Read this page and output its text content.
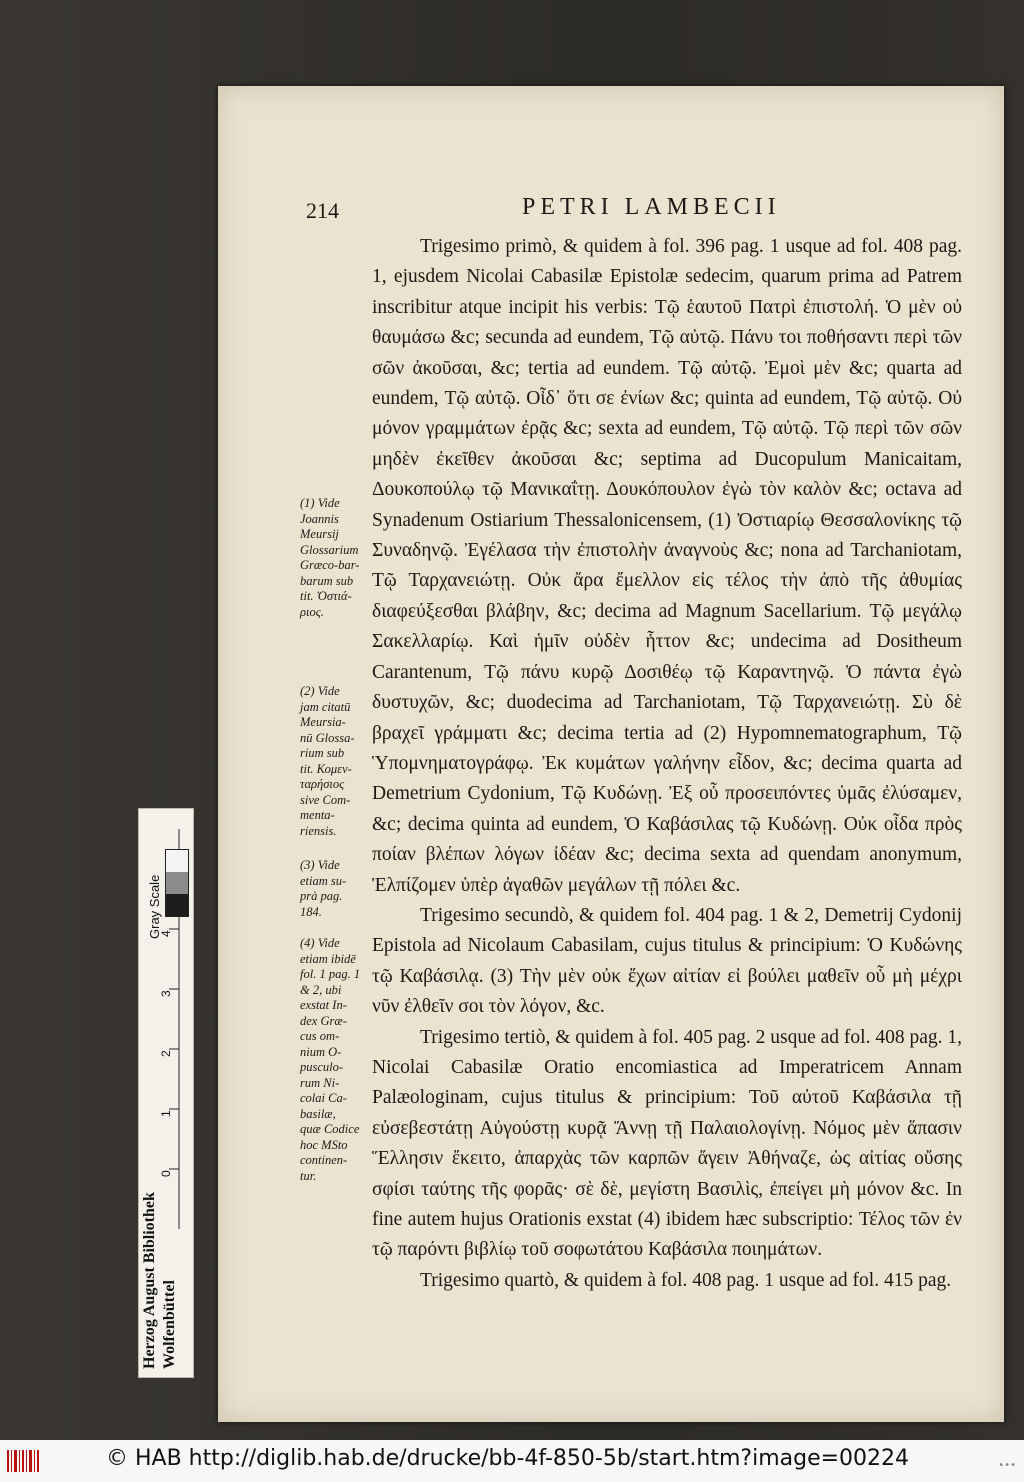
214	PETRI LAMBECII

Trigesimo primò, & quidem à fol. 396 pag. 1 usque ad fol. 408 pag. 1, ejusdem Nicolai Cabasilæ Epistolæ sedecim, quarum prima ad Patrem inscribitur atque incipit his verbis: Τῷ ἑαυτοῦ Πατρὶ ἐπιστολή. Ὁ μὲν οὐ θαυμάσω &c; secunda ad eundem, Τῷ αὐτῷ. Πάνυ τοι ποθήσαντι περὶ τῶν σῶν ἀκοῦσαι, &c; tertia ad eundem. Τῷ αὐτῷ. Ἐμοὶ μὲν &c; quarta ad eundem, Τῷ αὐτῷ. Οἶδ᾽ ὅτι σε ἐνίων &c; quinta ad eundem, Τῷ αὐτῷ. Οὐ μόνον γραμμάτων ἐρᾷς &c; sexta ad eundem, Τῷ αὐτῷ. Τῷ περὶ τῶν σῶν μηδὲν ἐκεῖθεν ἀκοῦσαι &c; septima ad Ducopulum Manicaitam, Δουκοπούλῳ τῷ Μανικαΐτῃ. Δουκόπουλον ἐγὼ τὸν καλὸν &c; octava ad Synadenum Ostiarium Thessalonicensem, (1) Ὀστιαρίῳ Θεσσαλονίκης τῷ Συναδηνῷ. Ἐγέλασα τὴν ἐπιστολὴν ἀναγνοὺς &c; nona ad Tarchaniotam, Τῷ Ταρχανειώτῃ. Οὐκ ἄρα ἔμελλον εἰς τέλος τὴν ἀπὸ τῆς ἀθυμίας διαφεύξεσθαι βλάβην, &c; decima ad Magnum Sacellarium. Τῷ μεγάλῳ Σακελλαρίῳ. Καὶ ἡμῖν οὐδὲν ἧττον &c; undecima ad Dositheum Carantenum, Τῷ πάνυ κυρῷ Δοσιθέῳ τῷ Καραντηνῷ. Ὁ πάντα ἐγὼ δυστυχῶν, &c; duodecima ad Tarchaniotam, Τῷ Ταρχανειώτῃ. Σὺ δὲ βραχεῖ γράμματι &c; decima tertia ad (2) Hypomnematographum, Τῷ Ὑπομνηματογράφῳ. Ἐκ κυμάτων γαλήνην εἶδον, &c; decima quarta ad Demetrium Cydonium, Τῷ Κυδώνῃ. Ἐξ οὗ προσειπόντες ὑμᾶς ἐλύσαμεν, &c; decima quinta ad eundem, Ὁ Καβάσιλας τῷ Κυδώνῃ. Οὐκ οἶδα πρὸς ποίαν βλέπων λόγων ἰδέαν &c; decima sexta ad quendam anonymum, Ἐλπίζομεν ὑπὲρ ἀγαθῶν μεγάλων τῇ πόλει &c.

Trigesimo secundò, & quidem fol. 404 pag. 1 & 2, Demetrij Cydonij Epistola ad Nicolaum Cabasilam, cujus titulus & principium: Ὁ Κυδώνης τῷ Καβάσιλᾳ. (3) Τὴν μὲν οὐκ ἔχων αἰτίαν εἰ βούλει μαθεῖν οὗ μὴ μέχρι νῦν ἐλθεῖν σοι τὸν λόγον, &c.

Trigesimo tertiò, & quidem à fol. 405 pag. 2 usque ad fol. 408 pag. 1, Nicolai Cabasilæ Oratio encomiastica ad Imperatricem Annam Palæologinam, cujus titulus & principium: Τοῦ αὐτοῦ Καβάσιλα τῇ εὐσεβεστάτῃ Αὐγούστῃ κυρᾷ Ἄννῃ τῇ Παλαιολογίνῃ. Νόμος μὲν ἅπασιν Ἕλλησιν ἔκειτο, ἀπαρχὰς τῶν καρπῶν ἄγειν Ἀθήναζε, ὡς αἰτίας οὔσης σφίσι ταύτης τῆς φορᾶς· σὲ δὲ, μεγίστη Βασιλὶς, ἐπείγει μὴ μόνον &c. In fine autem hujus Orationis exstat (4) ibidem hæc subscriptio: Τέλος τῶν ἐν τῷ παρόντι βιβλίῳ τοῦ σοφωτάτου Καβάσιλα ποιημάτων.

Trigesimo quartò, & quidem à fol. 408 pag. 1 usque ad fol. 415 pag.

(1) Vide
Joannis
Meursij
Glossarium
Græco-bar-
barum sub
tit. Ὀστιά-
ριος.
(2) Vide
jam citatū
Meursia-
nū Glossa-
rium sub
tit. Κομεν-
ταρήσιος
sive Com-
menta-
riensis.
(3) Vide
etiam su-
prà pag.
184.
(4) Vide
etiam ibidē
fol. 1 pag. 1
& 2, ubi
exstat In-
dex Græ-
cus om-
nium O-
pusculo-
rum Ni-
colai Ca-
basilæ,
quæ Codice
hoc MSto
continen-
tur.
Herzog August Bibliothek Wolfenbüttel
Gray Scale
0
1
2
3
4
© HAB http://diglib.hab.de/drucke/bb-4f-850-5b/start.htm?image=00224	•••
